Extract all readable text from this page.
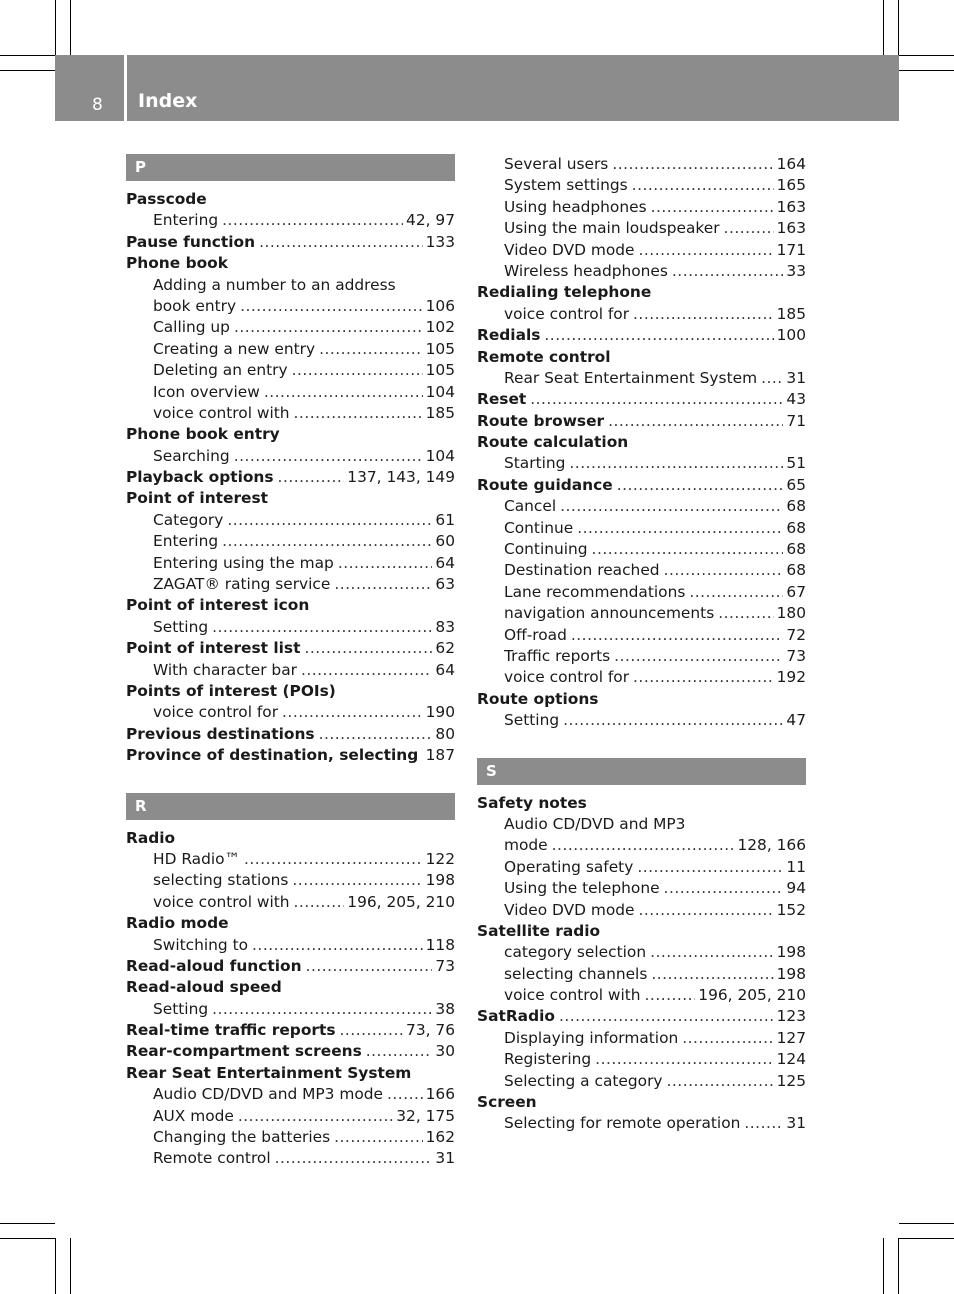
8 Index
P
Passcode
Entering .....	42, 97
Pause function .....	133
Phone book
Adding a number to an address
book entry .....	106
Calling up .....	102
Creating a new entry .....	105
Deleting an entry .....	105
Icon overview .....	104
voice control with .....	185
Phone book entry
Searching .....	104
Playback options .....	137, 143, 149
Point of interest
Category .....	61
Entering .....	60
Entering using the map .....	64
ZAGAT® rating service .....	63
Point of interest icon
Setting .....	83
Point of interest list .....	62
With character bar .....	64
Points of interest (POIs)
voice control for .....	190
Previous destinations .....	80
Province of destination, selecting ..... 187
R
Radio
HD Radio™ .....	122
selecting stations .....	198
voice control with .....	196, 205, 210
Radio mode
Switching to .....	118
Read-aloud function .....	73
Read-aloud speed
Setting .....	38
Real-time traffic reports .....	73, 76
Rear-compartment screens .....	30
Rear Seat Entertainment System
Audio CD/DVD and MP3 mode .....	166
AUX mode .....	32, 175
Changing the batteries .....	162
Remote control .....	31
Several users .....	164
System settings .....	165
Using headphones .....	163
Using the main loudspeaker .....	163
Video DVD mode .....	171
Wireless headphones .....	33
Redialing telephone
voice control for .....	185
Redials .....	100
Remote control
Rear Seat Entertainment System ..... 31
Reset .....	43
Route browser .....	71
Route calculation
Starting .....	51
Route guidance .....	65
Cancel .....	68
Continue .....	68
Continuing .....	68
Destination reached .....	68
Lane recommendations .....	67
navigation announcements .....	180
Off-road .....	72
Traffic reports .....	73
voice control for .....	192
Route options
Setting .....	47
S
Safety notes
Audio CD/DVD and MP3
mode .....	128, 166
Operating safety .....	11
Using the telephone .....	94
Video DVD mode .....	152
Satellite radio
category selection .....	198
selecting channels .....	198
voice control with .....	196, 205, 210
SatRadio .....	123
Displaying information .....	127
Registering .....	124
Selecting a category .....	125
Screen
Selecting for remote operation .....	31
